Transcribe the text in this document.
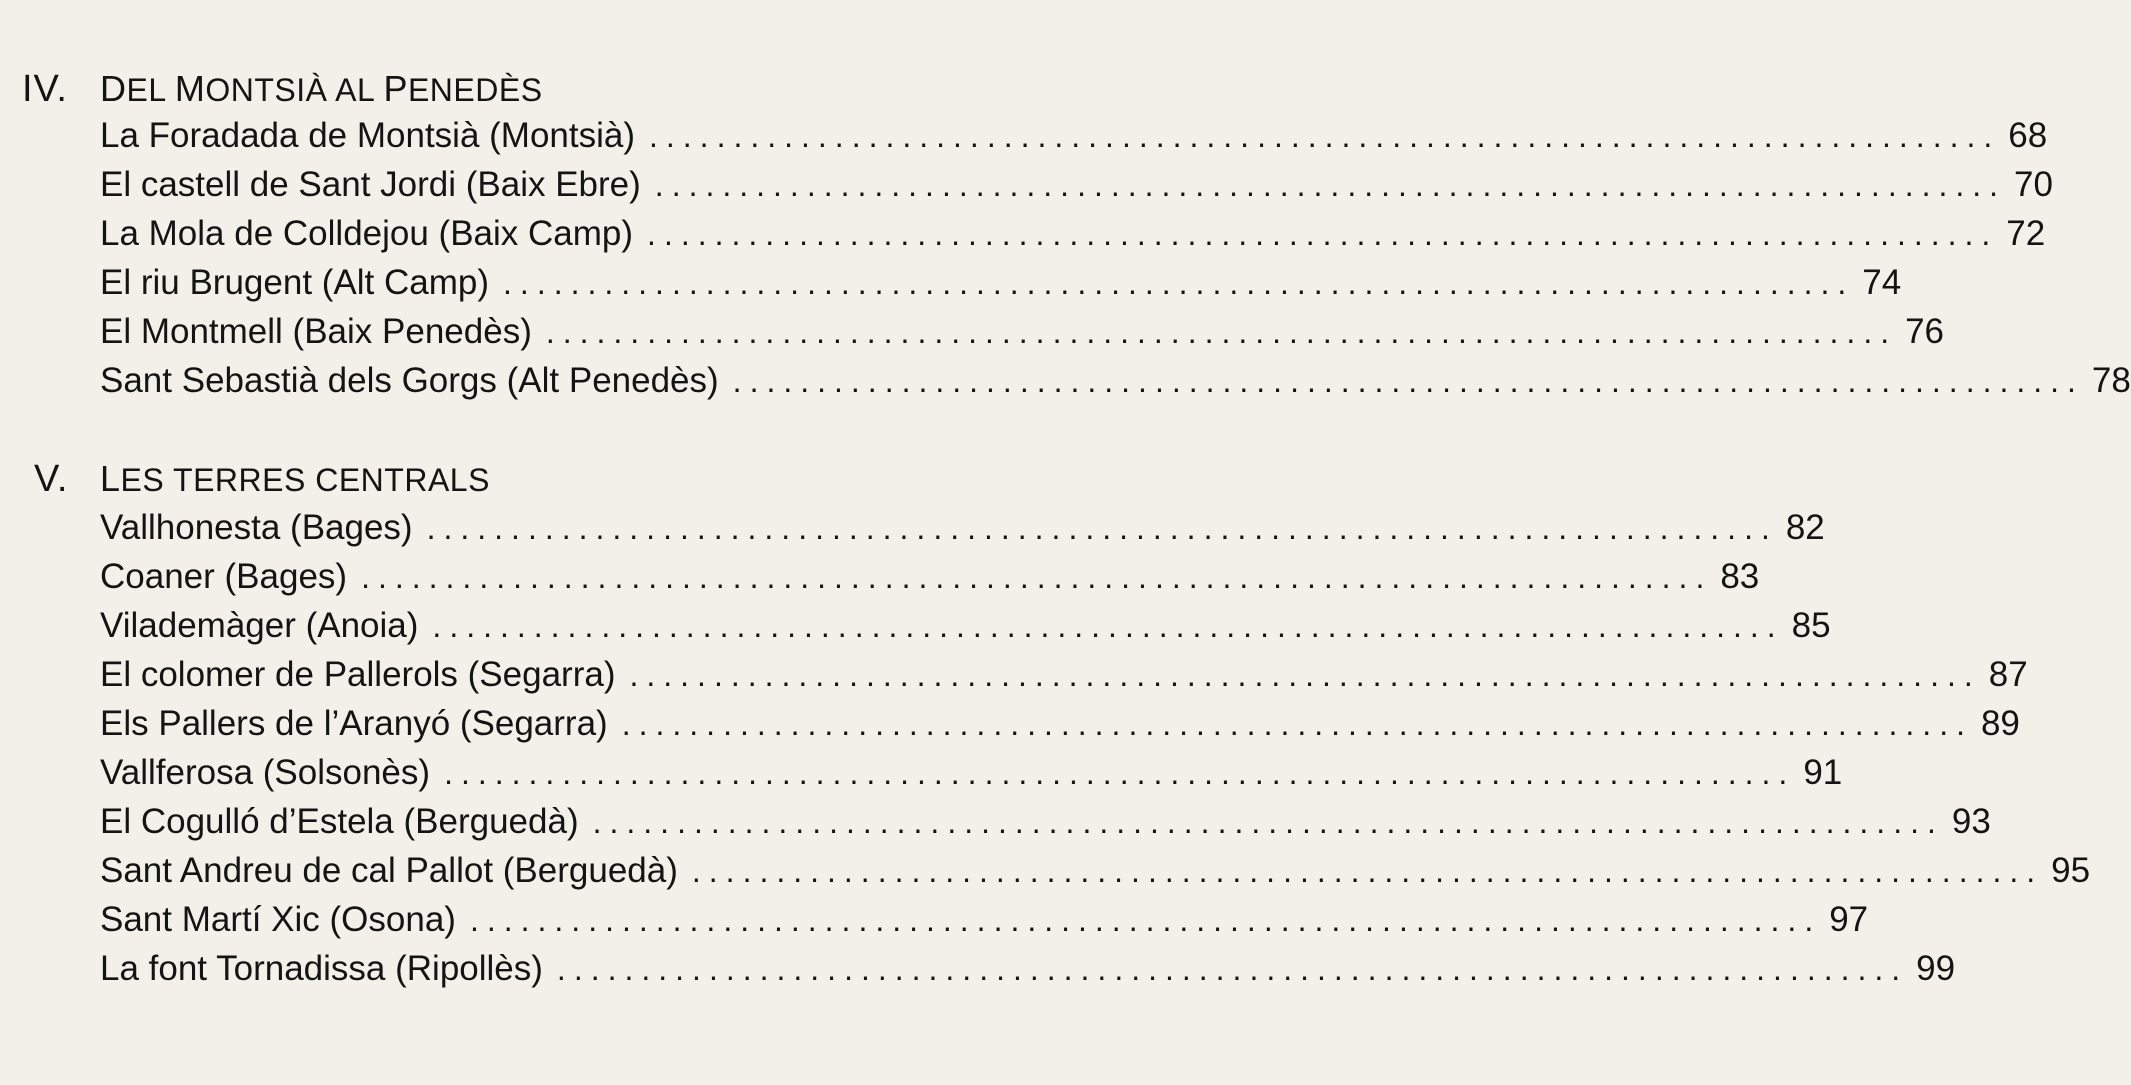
IV. DEL MONTSIÀ AL PENEDÈS
La Foradada de Montsià (Montsià) ................................................................................ 68
El castell de Sant Jordi (Baix Ebre) ................................................................................ 70
La Mola de Colldejou (Baix Camp) ................................................................................ 72
El riu Brugent (Alt Camp) ................................................................................ 74
El Montmell (Baix Penedès) ................................................................................ 76
Sant Sebastià dels Gorgs (Alt Penedès) ................................................................................ 78
V. LES TERRES CENTRALS
Vallhonesta (Bages) ................................................................................ 82
Coaner (Bages) ................................................................................ 83
Vilademàger (Anoia) ................................................................................ 85
El colomer de Pallerols (Segarra) ................................................................................ 87
Els Pallers de l’Aranyó (Segarra) ................................................................................ 89
Vallferosa (Solsonès) ................................................................................ 91
El Cogulló d’Estela (Berguedà) ................................................................................ 93
Sant Andreu de cal Pallot (Berguedà) ................................................................................ 95
Sant Martí Xic (Osona) ................................................................................ 97
La font Tornadissa (Ripollès) ................................................................................ 99
